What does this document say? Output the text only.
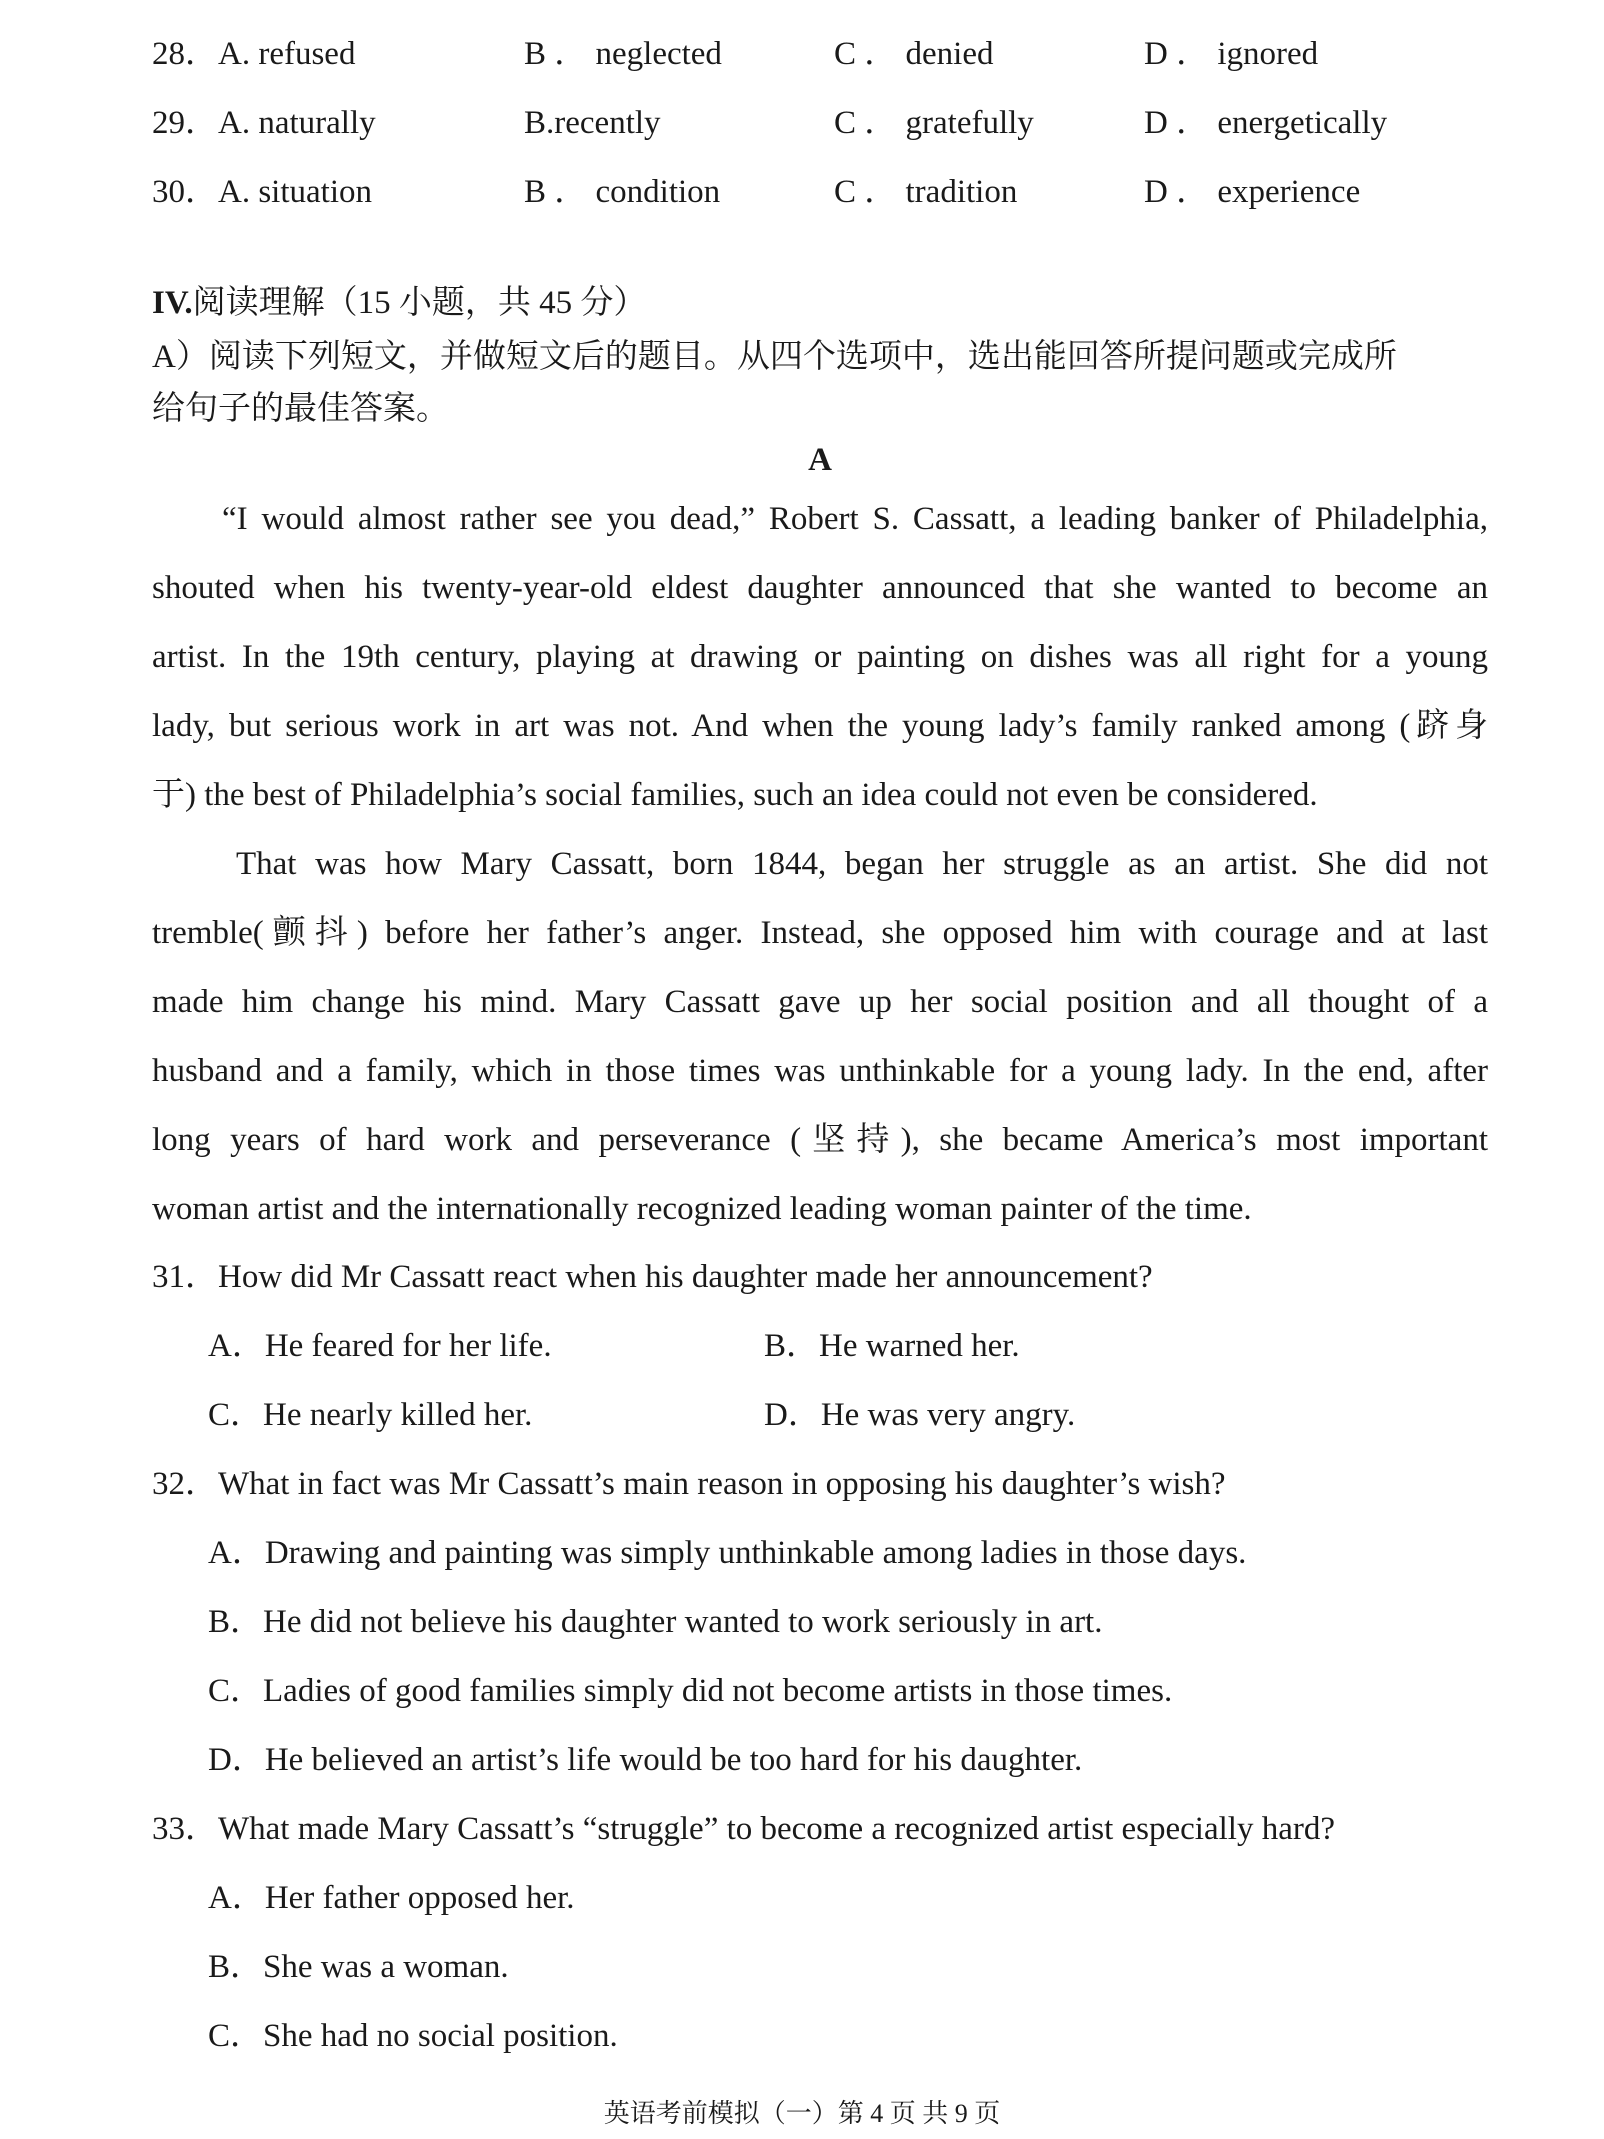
28．A. refused	B ． neglected	C ． denied	D ． ignored
29．A. naturally	B.recently	C ． gratefully	D ． energetically
30．A. situation	B ． condition	C ． tradition	D ． experience
IV.阅读理解（15 小题，共 45 分）
A）阅读下列短文，并做短文后的题目。从四个选项中，选出能回答所提问题或完成所
给句子的最佳答案。
A
“I would almost rather see you dead,” Robert S. Cassatt, a leading banker of Philadelphia,
shouted when his twenty-year-old eldest daughter announced that she wanted to become an
artist. In the 19th century, playing at drawing or painting on dishes was all right for a young
lady, but serious work in art was not. And when the young lady’s family ranked among (跻身
于) the best of Philadelphia’s social families, such an idea could not even be considered.
That was how Mary Cassatt, born 1844, began her struggle as an artist. She did not
tremble(颤抖) before her father’s anger. Instead, she opposed him with courage and at last
made him change his mind. Mary Cassatt gave up her social position and all thought of a
husband and a family, which in those times was unthinkable for a young lady. In the end, after
long years of hard work and perseverance (坚持), she became America’s most important
woman artist and the internationally recognized leading woman painter of the time.
31．How did Mr Cassatt react when his daughter made her announcement?
A．He feared for her life.	B．He warned her.
C．He nearly killed her.	D．He was very angry.
32．What in fact was Mr Cassatt’s main reason in opposing his daughter’s wish?
A．Drawing and painting was simply unthinkable among ladies in those days.
B．He did not believe his daughter wanted to work seriously in art.
C．Ladies of good families simply did not become artists in those times.
D．He believed an artist’s life would be too hard for his daughter.
33．What made Mary Cassatt’s “struggle” to become a recognized artist especially hard?
A．Her father opposed her.
B．She was a woman.
C．She had no social position.
英语考前模拟（一）第 4 页 共 9 页
